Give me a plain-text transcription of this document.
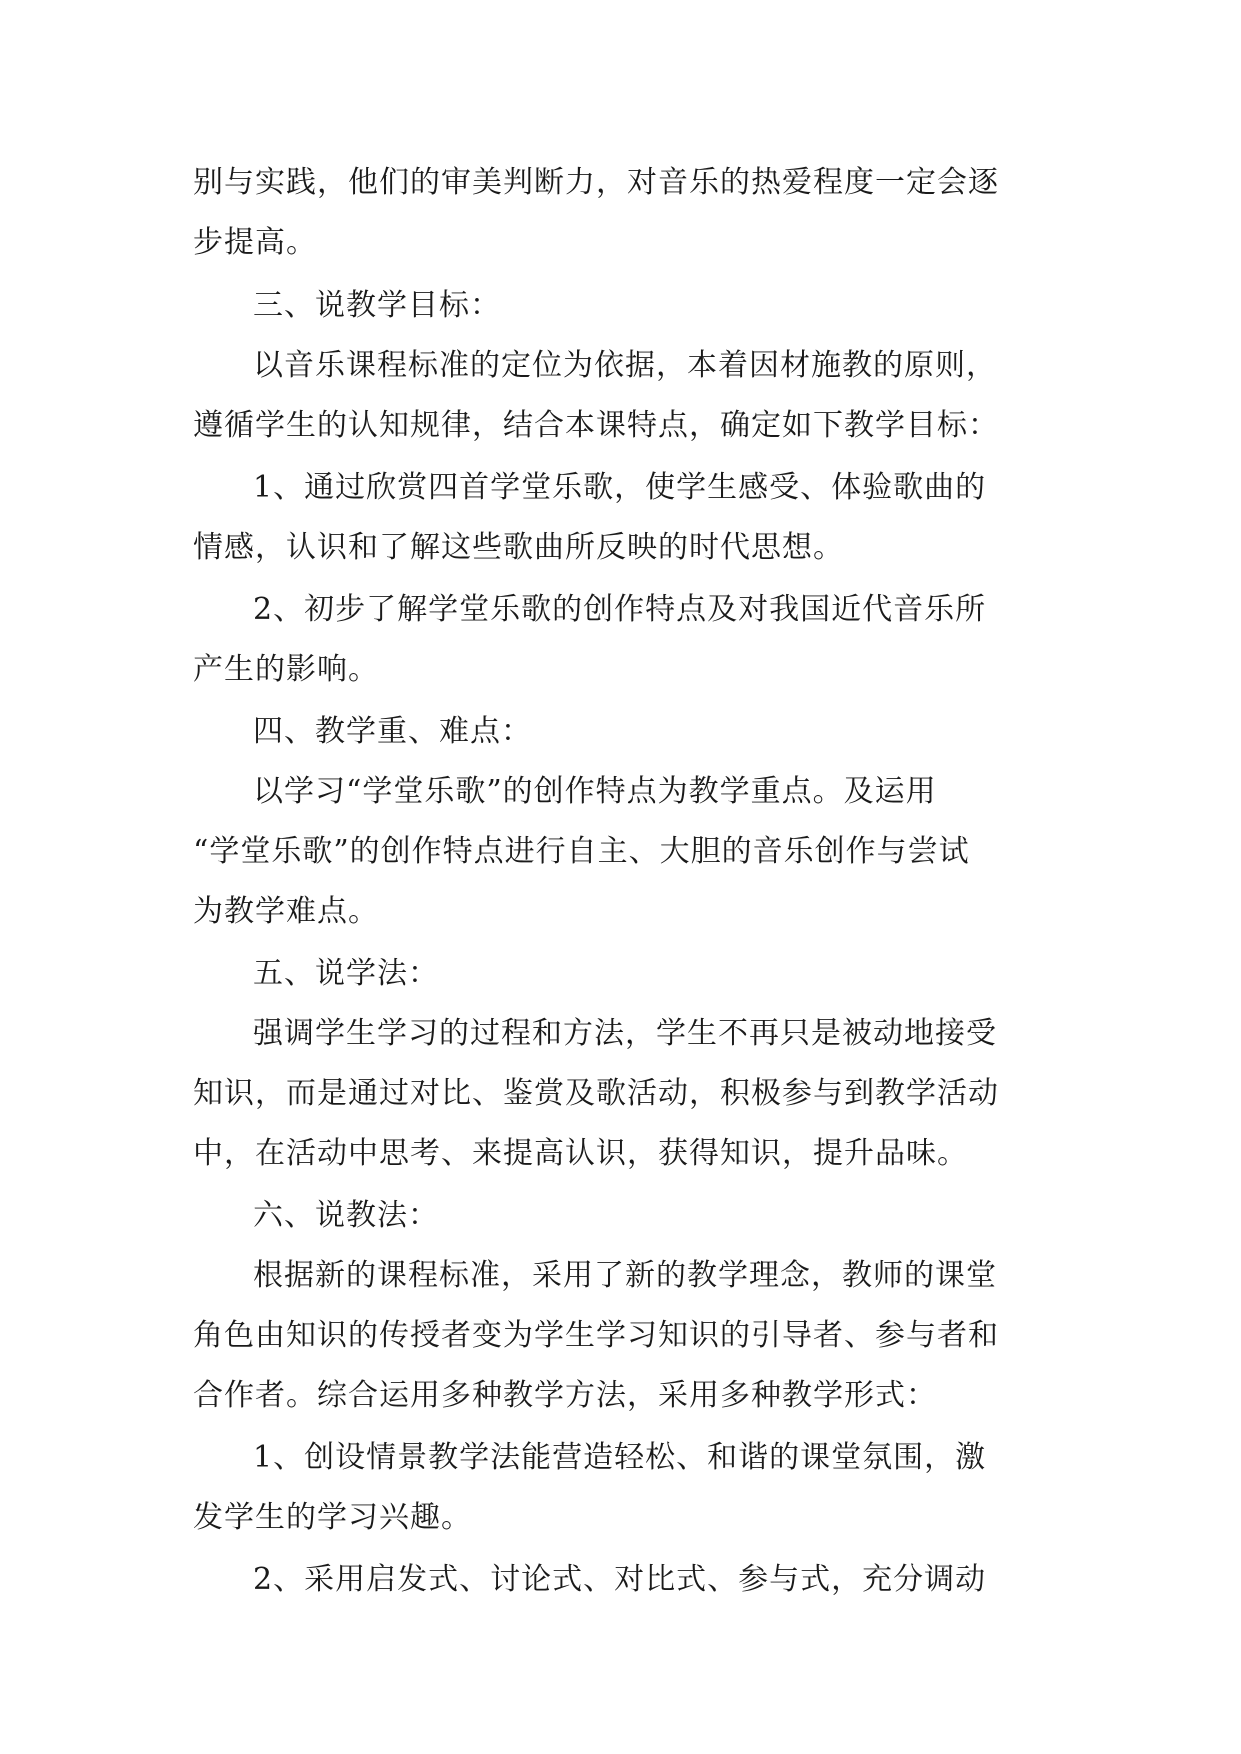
别与实践，他们的审美判断力，对音乐的热爱程度一定会逐
步提高。
三、说教学目标：
以音乐课程标准的定位为依据，本着因材施教的原则，
遵循学生的认知规律，结合本课特点，确定如下教学目标：
1、通过欣赏四首学堂乐歌，使学生感受、体验歌曲的
情感，认识和了解这些歌曲所反映的时代思想。
2、初步了解学堂乐歌的创作特点及对我国近代音乐所
产生的影响。
四、教学重、难点：
以学习“学堂乐歌”的创作特点为教学重点。及运用
“学堂乐歌”的创作特点进行自主、大胆的音乐创作与尝试
为教学难点。
五、说学法：
强调学生学习的过程和方法，学生不再只是被动地接受
知识，而是通过对比、鉴赏及歌活动，积极参与到教学活动
中，在活动中思考、来提高认识，获得知识，提升品味。
六、说教法：
根据新的课程标准，采用了新的教学理念，教师的课堂
角色由知识的传授者变为学生学习知识的引导者、参与者和
合作者。综合运用多种教学方法，采用多种教学形式：
1、创设情景教学法能营造轻松、和谐的课堂氛围，激
发学生的学习兴趣。
2、采用启发式、讨论式、对比式、参与式，充分调动
